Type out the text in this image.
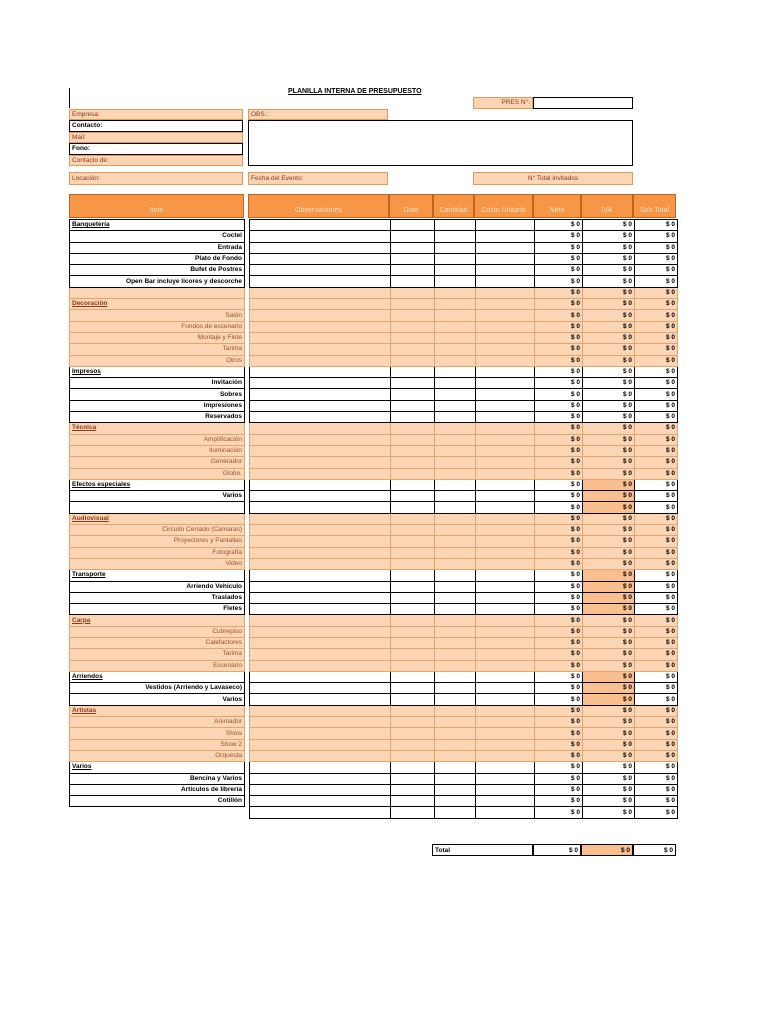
PLANILLA INTERNA DE PRESUPUESTO
PRES N°:
Empresa:
Contacto:
Mail:
Fono:
Contacto de:
OBS.:
Locación:	Fecha del Evento:	N° Total invitados
Item	Observaciones	Días	Cantidad	Costo Unitario	Neto	IVA	Sub Total
Banquetería						$ 0	$ 0	$ 0
Coctel						$ 0	$ 0	$ 0
Entrada						$ 0	$ 0	$ 0
Plato de Fondo						$ 0	$ 0	$ 0
Bufet de Postres						$ 0	$ 0	$ 0
Open Bar incluye licores y descorche						$ 0	$ 0	$ 0
						$ 0	$ 0	$ 0
Decoración						$ 0	$ 0	$ 0
Salón						$ 0	$ 0	$ 0
Fondos de escenario						$ 0	$ 0	$ 0
Montaje y Flete						$ 0	$ 0	$ 0
Tarima						$ 0	$ 0	$ 0
Otros						$ 0	$ 0	$ 0
Impresos						$ 0	$ 0	$ 0
Invitación						$ 0	$ 0	$ 0
Sobres						$ 0	$ 0	$ 0
Impresiones						$ 0	$ 0	$ 0
Reservados						$ 0	$ 0	$ 0
Técnica						$ 0	$ 0	$ 0
Amplificación						$ 0	$ 0	$ 0
Iluminación						$ 0	$ 0	$ 0
Generador						$ 0	$ 0	$ 0
Globo.						$ 0	$ 0	$ 0
Efectos especiales						$ 0	$ 0	$ 0
Varios						$ 0	$ 0	$ 0
						$ 0	$ 0	$ 0
Audiovisual						$ 0	$ 0	$ 0
Circuito Cerrado (Camaras)						$ 0	$ 0	$ 0
Proyectores y Pantallas						$ 0	$ 0	$ 0
Fotografía						$ 0	$ 0	$ 0
Video						$ 0	$ 0	$ 0
Transporte						$ 0	$ 0	$ 0
Arriendo Vehículo						$ 0	$ 0	$ 0
Traslados						$ 0	$ 0	$ 0
Fletes						$ 0	$ 0	$ 0
Carpa						$ 0	$ 0	$ 0
Cubrepiso						$ 0	$ 0	$ 0
Calefactores						$ 0	$ 0	$ 0
Tarima						$ 0	$ 0	$ 0
Escenario						$ 0	$ 0	$ 0
Arriendos						$ 0	$ 0	$ 0
Vestidos (Arriendo y Lavaseco)						$ 0	$ 0	$ 0
Varios						$ 0	$ 0	$ 0
Artistas						$ 0	$ 0	$ 0
Animador						$ 0	$ 0	$ 0
Show						$ 0	$ 0	$ 0
Show 2						$ 0	$ 0	$ 0
Orquesta						$ 0	$ 0	$ 0
Varios						$ 0	$ 0	$ 0
Bencina y Varios						$ 0	$ 0	$ 0
Artículos de librería						$ 0	$ 0	$ 0
Cotillón						$ 0	$ 0	$ 0
						$ 0	$ 0	$ 0
Total	$ 0	$ 0	$ 0
